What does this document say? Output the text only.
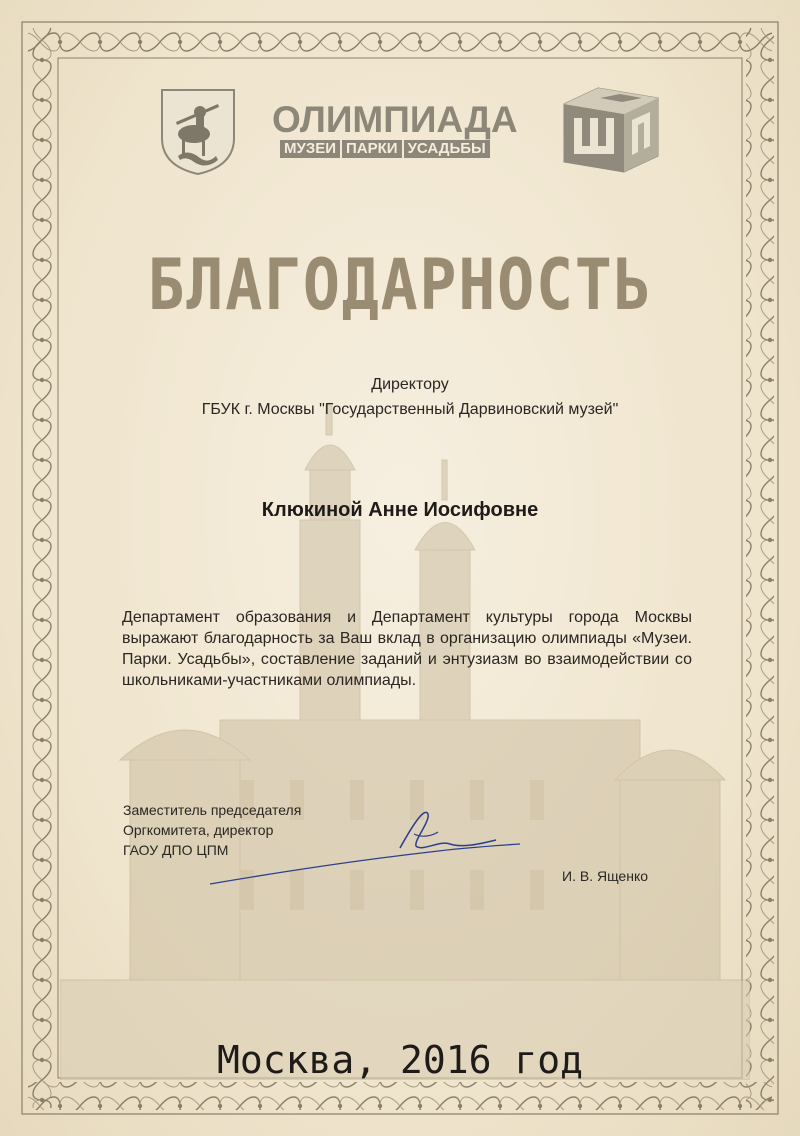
ОЛИМПИАДА
МУЗЕИ ПАРКИ УСАДЬБЫ
БЛАГОДАРНОСТЬ
Директору
ГБУК г. Москвы "Государственный Дарвиновский музей"
Клюкиной Анне Иосифовне
Департамент образования и Департамент культуры города Москвы выражают благодарность за Ваш вклад в организацию олимпиады «Музеи. Парки. Усадьбы», составление заданий и энтузиазм во взаимодействии со школьниками-участниками олимпиады.
Заместитель председателя
Оргкомитета, директор
ГАОУ ДПО ЦПМ
И. В. Ященко
Москва, 2016 год
